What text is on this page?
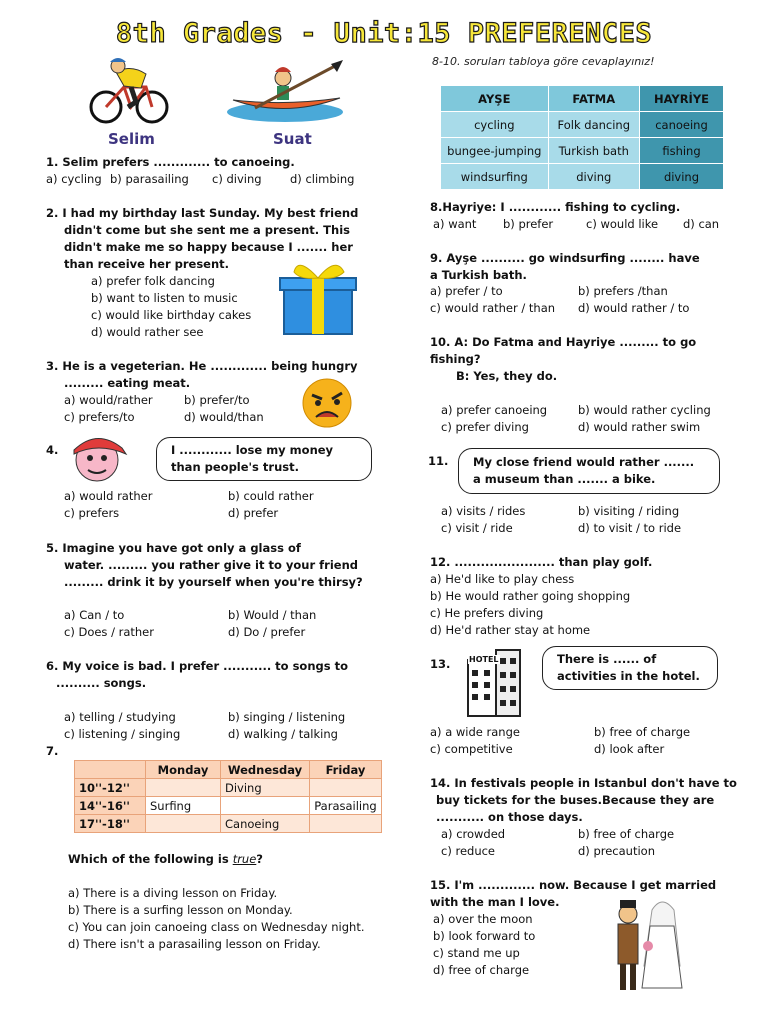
8th Grades - Unit:15 PREFERENCES
Selim	Suat
8-10. soruları tabloya göre cevaplayınız!
AYŞE	FATMA	HAYRİYE
cycling	Folk dancing	canoeing
bungee-jumping	Turkish bath	fishing
windsurfing	diving	diving
1. Selim prefers ............. to canoeing.
a) cycling b) parasailing	c) diving	d) climbing
2. I had my birthday last Sunday. My best friend
didn't come but she sent me a present. This
didn't make me so happy because I ....... her
than receive her present.
a) prefer folk dancing
b) want to listen to music
c) would like birthday cakes
d) would rather see
3. He is a vegeterian. He ............. being hungry
......... eating meat.
a) would/rather	b) prefer/to
c) prefers/to	d) would/than
4.	I ............ lose my money
than people's trust.
a) would rather	b) could rather
c) prefers	d) prefer
5. Imagine you have got only a glass of
water. ......... you rather give it to your friend
......... drink it by yourself when you're thirsy?
a) Can / to	b) Would / than
c) Does / rather	d) Do / prefer
6. My voice is bad. I prefer ........... to songs to
.......... songs.
a) telling / studying	b) singing / listening
c) listening / singing	d) walking / talking
7.
	Monday	Wednesday	Friday
10''-12''		Diving	
14''-16''	Surfing		Parasailing
17''-18''		Canoeing	
Which of the following is true?
a) There is a diving lesson on Friday.
b) There is a surfing lesson on Monday.
c) You can join canoeing class on Wednesday night.
d) There isn't a parasailing lesson on Friday.
8.Hayriye: I ............ fishing to cycling.
a) want	b) prefer	c) would like	d) can
9. Ayşe .......... go windsurfing ........ have
a Turkish bath.
a) prefer / to	b) prefers /than
c) would rather / than	d) would rather / to
10. A: Do Fatma and Hayriye ......... to go
fishing?
B: Yes, they do.
a) prefer canoeing	b) would rather cycling
c) prefer diving	d) would rather swim
11. My close friend would rather .......
a museum than ....... a bike.
a) visits / rides	b) visiting / riding
c) visit / ride	d) to visit / to ride
12. ....................... than play golf.
a) He'd like to play chess
b) He would rather going shopping
c) He prefers diving
d) He'd rather stay at home
13. HOTEL	There is ...... of
activities in the hotel.
a) a wide range	b) free of charge
c) competitive	d) look after
14. In festivals people in Istanbul don't have to
buy tickets for the buses.Because they are
........... on those days.
a) crowded	b) free of charge
c) reduce	d) precaution
15. I'm ............. now. Because I get married
with the man I love.
a) over the moon
b) look forward to
c) stand me up
d) free of charge
